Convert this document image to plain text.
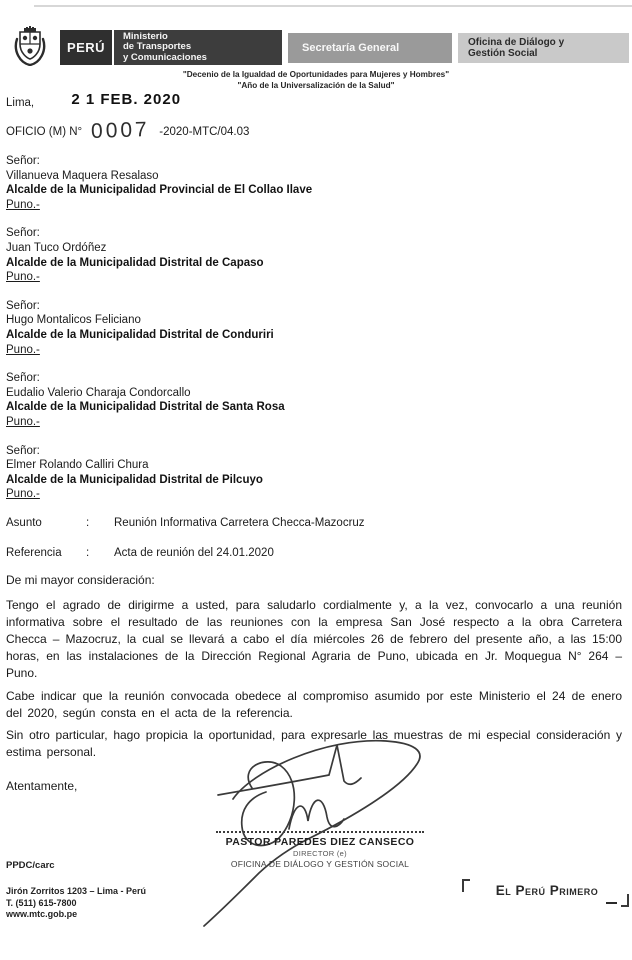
PERÚ
Ministerio
de Transportes
y Comunicaciones
Secretaría General	Oficina de Diálogo y
Gestión Social
"Decenio de la Igualdad de Oportunidades para Mujeres y Hombres"
"Año de la Universalización de la Salud"
Lima, 2 1 FEB. 2020
OFICIO (M) N° 0007 -2020-MTC/04.03
Señor:
Villanueva Maquera Resalaso
Alcalde de la Municipalidad Provincial de El Collao Ilave
Puno.-
Señor:
Juan Tuco Ordóñez
Alcalde de la Municipalidad Distrital de Capaso
Puno.-
Señor:
Hugo Montalicos Feliciano
Alcalde de la Municipalidad Distrital de Conduriri
Puno.-
Señor:
Eudalio Valerio Charaja Condorcallo
Alcalde de la Municipalidad Distrital de Santa Rosa
Puno.-
Señor:
Elmer Rolando Calliri Chura
Alcalde de la Municipalidad Distrital de Pilcuyo
Puno.-
Asunto	:	Reunión Informativa Carretera Checca-Mazocruz
Referencia	:	Acta de reunión del 24.01.2020
De mi mayor consideración:

Tengo el agrado de dirigirme a usted, para saludarlo cordialmente y, a la vez, convocarlo a una reunión informativa sobre el resultado de las reuniones con la empresa San José respecto a la obra Carretera Checca – Mazocruz, la cual se llevará a cabo el día miércoles 26 de febrero del presente año, a las 15:00 horas, en las instalaciones de la Dirección Regional Agraria de Puno, ubicada en Jr. Moquegua N° 264 – Puno.

Cabe indicar que la reunión convocada obedece al compromiso asumido por este Ministerio el 24 de enero del 2020, según consta en el acta de la referencia.

Sin otro particular, hago propicia la oportunidad, para expresarle las muestras de mi especial consideración y estima personal.

Atentamente,
PASTOR PAREDES DIEZ CANSECO
DIRECTOR (e)
OFICINA DE DIÁLOGO Y GESTIÓN SOCIAL
PPDC/carc
Jirón Zorritos 1203 – Lima - Perú
T. (511) 615-7800
www.mtc.gob.pe
El Perú Primero
